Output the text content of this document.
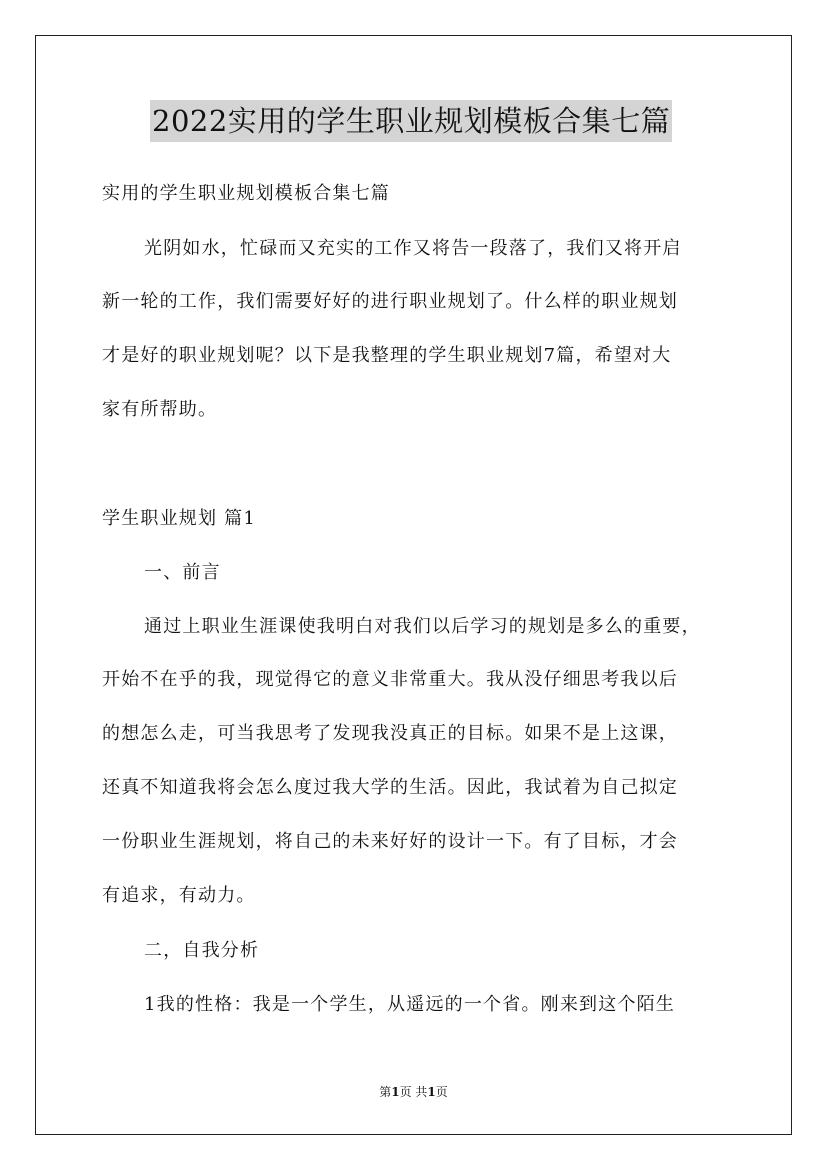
2022实用的学生职业规划模板合集七篇
实用的学生职业规划模板合集七篇
光阴如水，忙碌而又充实的工作又将告一段落了，我们又将开启
新一轮的工作，我们需要好好的进行职业规划了。什么样的职业规划
才是好的职业规划呢？以下是我整理的学生职业规划7篇，希望对大
家有所帮助。
学生职业规划 篇1
一、前言
通过上职业生涯课使我明白对我们以后学习的规划是多么的重要，
开始不在乎的我，现觉得它的意义非常重大。我从没仔细思考我以后
的想怎么走，可当我思考了发现我没真正的目标。如果不是上这课，
还真不知道我将会怎么度过我大学的生活。因此，我试着为自己拟定
一份职业生涯规划，将自己的未来好好的设计一下。有了目标，才会
有追求，有动力。
二，自我分析
1我的性格：我是一个学生，从遥远的一个省。刚来到这个陌生
第1页 共1页
